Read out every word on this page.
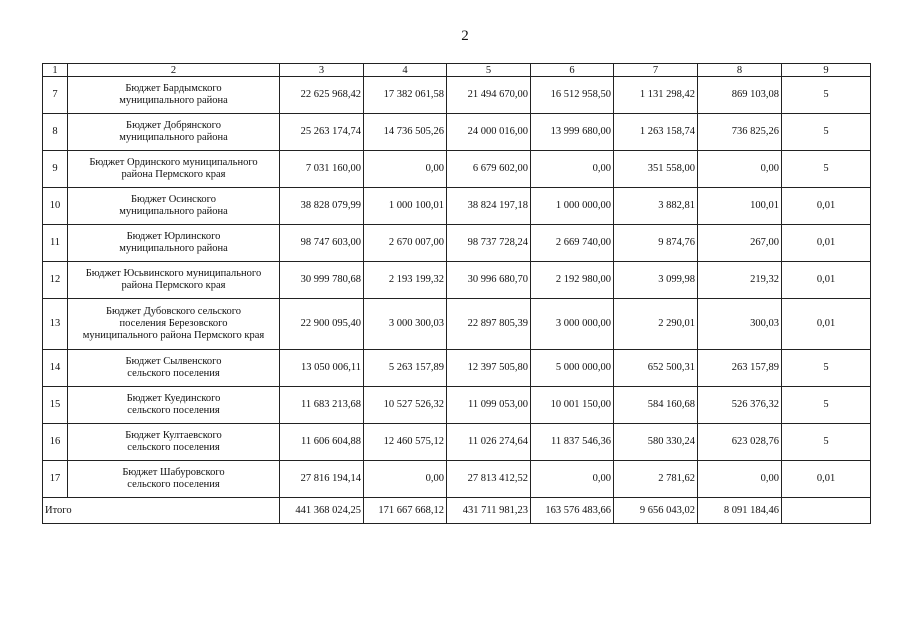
2
1	2	3	4	5	6	7	8	9
7	Бюджет Бардымского
муниципального района	22 625 968,42	17 382 061,58	21 494 670,00	16 512 958,50	1 131 298,42	869 103,08	5
8	Бюджет Добрянского
муниципального района	25 263 174,74	14 736 505,26	24 000 016,00	13 999 680,00	1 263 158,74	736 825,26	5
9	Бюджет Ординского муниципального
района Пермского края	7 031 160,00	0,00	6 679 602,00	0,00	351 558,00	0,00	5
10	Бюджет Осинского
муниципального района	38 828 079,99	1 000 100,01	38 824 197,18	1 000 000,00	3 882,81	100,01	0,01
11	Бюджет Юрлинского
муниципального района	98 747 603,00	2 670 007,00	98 737 728,24	2 669 740,00	9 874,76	267,00	0,01
12	Бюджет Юсьвинского муниципального
района Пермского края	30 999 780,68	2 193 199,32	30 996 680,70	2 192 980,00	3 099,98	219,32	0,01
13	Бюджет Дубовского сельского
поселения Березовского
муниципального района Пермского края	22 900 095,40	3 000 300,03	22 897 805,39	3 000 000,00	2 290,01	300,03	0,01
14	Бюджет Сылвенского
сельского поселения	13 050 006,11	5 263 157,89	12 397 505,80	5 000 000,00	652 500,31	263 157,89	5
15	Бюджет Куединского
сельского поселения	11 683 213,68	10 527 526,32	11 099 053,00	10 001 150,00	584 160,68	526 376,32	5
16	Бюджет Култаевского
сельского поселения	11 606 604,88	12 460 575,12	11 026 274,64	11 837 546,36	580 330,24	623 028,76	5
17	Бюджет Шабуровского
сельского поселения	27 816 194,14	0,00	27 813 412,52	0,00	2 781,62	0,00	0,01
Итого		441 368 024,25	171 667 668,12	431 711 981,23	163 576 483,66	9 656 043,02	8 091 184,46	
